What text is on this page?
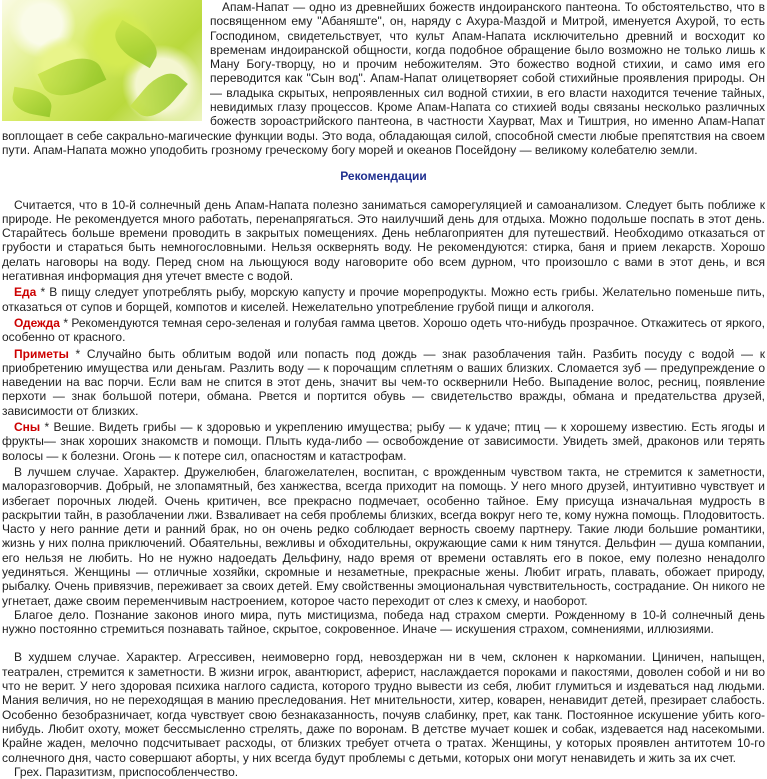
Апам-Напат — одно из древнейших божеств индоиранского пантеона. То обстоятельство, что в посвященном ему "Абаняште", он, наряду с Ахура-Маздой и Митрой, именуется Ахурой, то есть Господином, свидетельствует, что культ Апам-Напата исключительно древний и восходит ко временам индоиранской общности, когда подобное обращение было возможно не только лишь к Ману Богу-творцу, но и прочим небожителям. Это божество водной стихии, и само имя его переводится как "Сын вод". Апам-Напат олицетворяет собой стихийные проявления природы. Он — владыка скрытых, непроявленных сил водной стихии, в его власти находится течение тайных, невидимых глазу процессов. Кроме Апам-Напата со стихией воды связаны несколько различных божеств зороастрийского пантеона, в частности Хаурват, Мах и Тиштрия, но именно Апам-Напат воплощает в себе сакрально-магические функции воды. Это вода, обладающая силой, способной смести любые препятствия на своем пути. Апам-Напата можно уподобить грозному греческому богу морей и океанов Посейдону — великому колебателю земли.

Рекомендации

Считается, что в 10-й солнечный день Апам-Напата полезно заниматься саморегуляцией и самоанализом. Следует быть поближе к природе. Не рекомендуется много работать, перенапрягаться. Это наилучший день для отдыха. Можно подольше поспать в этот день. Старайтесь больше времени проводить в закрытых помещениях. День неблагоприятен для путешествий. Необходимо отказаться от грубости и стараться быть немногословными. Нельзя осквернять воду. Не рекомендуются: стирка, баня и прием лекарств. Хорошо делать наговоры на воду. Перед сном на льющуюся воду наговорите обо всем дурном, что произошло с вами в этот день, и вся негативная информация дня утечет вместе с водой.

Еда * В пищу следует употреблять рыбу, морскую капусту и прочие морепродукты. Можно есть грибы. Желательно поменьше пить, отказаться от супов и борщей, компотов и киселей. Нежелательно употребление грубой пищи и алкоголя.

Одежда * Рекомендуются темная серо-зеленая и голубая гамма цветов. Хорошо одеть что-нибудь прозрачное. Откажитесь от яркого, особенно от красного.

Приметы * Случайно быть облитым водой или попасть под дождь — знак разоблачения тайн. Разбить посуду с водой — к приобретению имущества или деньгам. Разлить воду — к порочащим сплетням о ваших близких. Сломается зуб — предупреждение о наведении на вас порчи. Если вам не спится в этот день, значит вы чем-то осквернили Небо. Выпадение волос, ресниц, появление перхоти — знак большой потери, обмана. Рвется и портится обувь — свидетельство вражды, обмана и предательства друзей, зависимости от близких.

Сны * Вешие. Видеть грибы — к здоровью и укреплению имущества; рыбу — к удаче; птиц — к хорошему известию. Есть ягоды и фрукты— знак хороших знакомств и помощи. Плыть куда-либо — освобождение от зависимости. Увидеть змей, драконов или терять волосы — к болезни. Огонь — к потере сил, опасностям и катастрофам.

В лучшем случае. Характер. Дружелюбен, благожелателен, воспитан, с врожденным чувством такта, не стремится к заметности, малоразговорчив. Добрый, не злопамятный, без ханжества, всегда приходит на помощь. У него много друзей, интуитивно чувствует и избегает порочных людей. Очень критичен, все прекрасно подмечает, особенно тайное. Ему присуща изначальная мудрость в раскрытии тайн, в разоблачении лжи. Взваливает на себя проблемы близких, всегда вокруг него те, кому нужна помощь. Плодовитость. Часто у него ранние дети и ранний брак, но он очень редко соблюдает верность своему партнеру. Такие люди большие романтики, жизнь у них полна приключений. Обаятельны, вежливы и обходительны, окружающие сами к ним тянутся. Дельфин — душа компании, его нельзя не любить. Но не нужно надоедать Дельфину, надо время от времени оставлять его в покое, ему полезно ненадолго уединяться. Женщины — отличные хозяйки, скромные и незаметные, прекрасные жены. Любит играть, плавать, обожает природу, рыбалку. Очень привязчив, переживает за своих детей. Ему свойственны эмоциональная чувствительность, сострадание. Он никого не угнетает, даже своим переменчивым настроением, которое часто переходит от слез к смеху, и наоборот.

Благое дело. Познание законов иного мира, путь мистицизма, победа над страхом смерти. Рожденному в 10-й солнечный день нужно постоянно стремиться познавать тайное, скрытое, сокровенное. Иначе — искушения страхом, сомнениями, иллюзиями.

В худшем случае. Характер. Агрессивен, неимоверно горд, невоздержан ни в чем, склонен к наркомании. Циничен, напыщен, театрален, стремится к заметности. В жизни игрок, авантюрист, аферист, наслаждается пороками и пакостями, доволен собой и ни во что не верит. У него здоровая психика наглого садиста, которого трудно вывести из себя, любит глумиться и издеваться над людьми. Мания величия, но не переходящая в манию преследования. Нет мнительности, хитер, коварен, ненавидит детей, презирает слабость. Особенно безобразничает, когда чувствует свою безнаказанность, почуяв слабинку, прет, как танк. Постоянное искушение убить кого-нибудь. Любит охоту, может бессмысленно стрелять, даже по воронам. В детстве мучает кошек и собак, издевается над насекомыми. Крайне жаден, мелочно подсчитывает расходы, от близких требует отчета о тратах. Женщины, у которых проявлен антитотем 10-го солнечного дня, часто совершают аборты, у них всегда будут проблемы с детьми, которых они могут ненавидеть и жить за их счет.

Грех. Паразитизм, приспособленчество.
